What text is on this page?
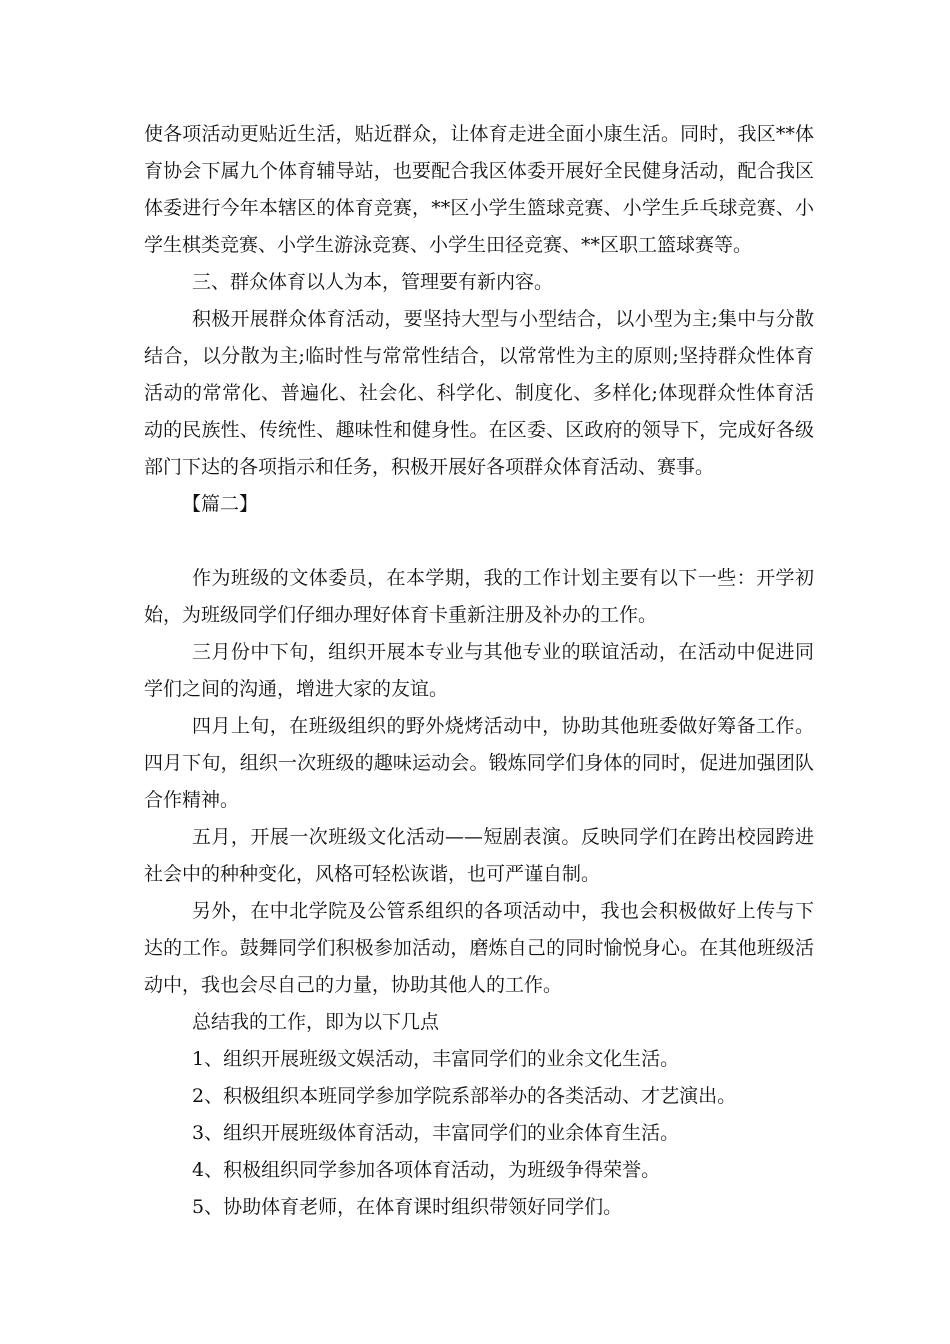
使各项活动更贴近生活，贴近群众，让体育走进全面小康生活。同时，我区**体育协会下属九个体育辅导站，也要配合我区体委开展好全民健身活动，配合我区体委进行今年本辖区的体育竞赛，**区小学生篮球竞赛、小学生乒乓球竞赛、小学生棋类竞赛、小学生游泳竞赛、小学生田径竞赛、**区职工篮球赛等。

三、群众体育以人为本，管理要有新内容。

积极开展群众体育活动，要坚持大型与小型结合，以小型为主;集中与分散结合，以分散为主;临时性与常常性结合，以常常性为主的原则;坚持群众性体育活动的常常化、普遍化、社会化、科学化、制度化、多样化;体现群众性体育活动的民族性、传统性、趣味性和健身性。在区委、区政府的领导下，完成好各级部门下达的各项指示和任务，积极开展好各项群众体育活动、赛事。

【篇二】

作为班级的文体委员，在本学期，我的工作计划主要有以下一些：开学初始，为班级同学们仔细办理好体育卡重新注册及补办的工作。

三月份中下旬，组织开展本专业与其他专业的联谊活动，在活动中促进同学们之间的沟通，增进大家的友谊。

四月上旬，在班级组织的野外烧烤活动中，协助其他班委做好筹备工作。四月下旬，组织一次班级的趣味运动会。锻炼同学们身体的同时，促进加强团队合作精神。

五月，开展一次班级文化活动——短剧表演。反映同学们在跨出校园跨进社会中的种种变化，风格可轻松诙谐，也可严谨自制。

另外，在中北学院及公管系组织的各项活动中，我也会积极做好上传与下达的工作。鼓舞同学们积极参加活动，磨炼自己的同时愉悦身心。在其他班级活动中，我也会尽自己的力量，协助其他人的工作。

总结我的工作，即为以下几点

1、组织开展班级文娱活动，丰富同学们的业余文化生活。

2、积极组织本班同学参加学院系部举办的各类活动、才艺演出。

3、组织开展班级体育活动，丰富同学们的业余体育生活。

4、积极组织同学参加各项体育活动，为班级争得荣誉。

5、协助体育老师，在体育课时组织带领好同学们。
